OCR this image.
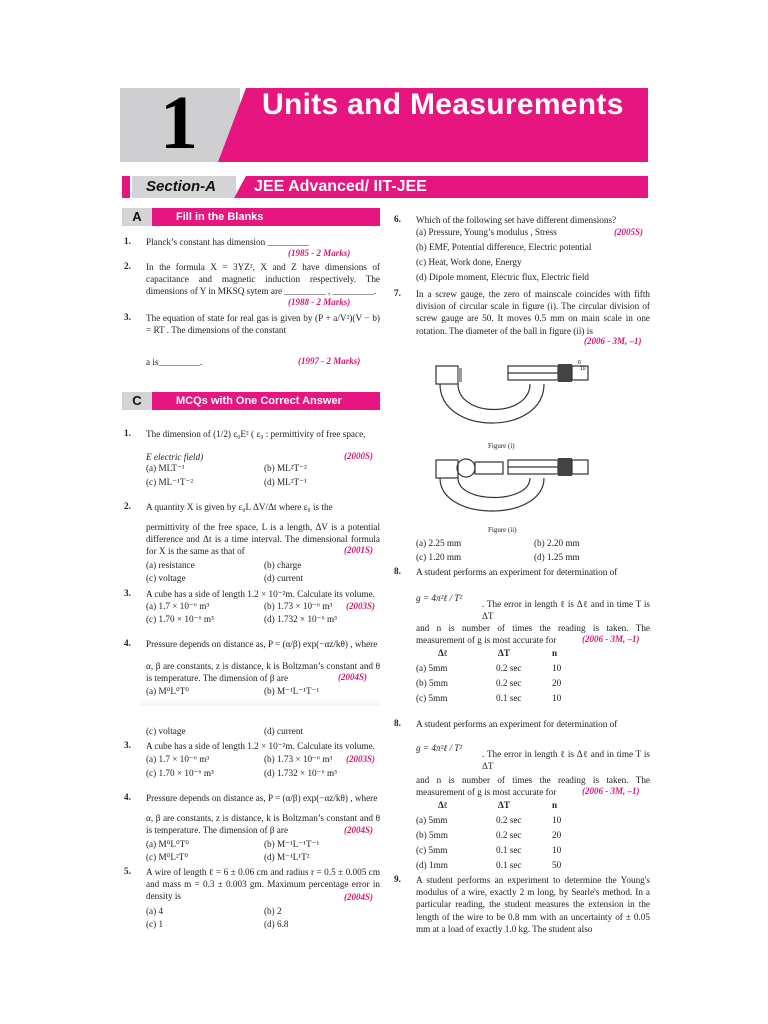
1 Units and Measurements
Section-A JEE Advanced/ IIT-JEE
A	Fill in the Blanks
1. Planck’s constant has dimension _________
(1985 - 2 Marks)
2. In the formula X = 3YZ², X and Z have dimensions of capacitance and magnetic induction respectively. The dimensions of Y in MKSQ sytem are _________ , _________.
(1988 - 2 Marks)
3. The equation of state for real gas is given by (P + a/V²)(V − b) = RT . The dimensions of the constant
a is_________.	(1997 - 2 Marks)
C	MCQs with One Correct Answer
1. The dimension of (1/2) ε₀E² ( ε₀ : permittivity of free space,
E electric field)	(2000S)
(a) MLT⁻¹	(b) ML²T⁻²
(c) ML⁻¹T⁻²	(d) ML²T⁻¹
2. A quantity X is given by ε₀L ΔV/Δt where ε₀ is the
permittivity of the free space, L is a length, ΔV is a potential difference and Δt is a time interval. The dimensional formula for X is the same as that of	(2001S)
(a) resistance	(b) charge
(c) voltage	(d) current
3. A cube has a side of length 1.2 × 10⁻²m. Calculate its volume.
(a) 1.7 × 10⁻⁶ m³	(b) 1.73 × 10⁻⁶ m³ (2003S)
(c) 1.70 × 10⁻⁶ m³	(d) 1.732 × 10⁻⁶ m³
4. Pressure depends on distance as, P = (α/β) exp(−αz/kθ) , where
α, β are constants, z is distance, k is Boltzman’s constant and θ is temperature. The dimension of β are	(2004S)
(a) M⁰L⁰T⁰	(b) M⁻¹L⁻¹T⁻¹
(c) voltage	(d) current
3. A cube has a side of length 1.2 × 10⁻²m. Calculate its volume.
(a) 1.7 × 10⁻⁶ m³	(b) 1.73 × 10⁻⁶ m³ (2003S)
(c) 1.70 × 10⁻⁶ m³	(d) 1.732 × 10⁻⁶ m³
4. Pressure depends on distance as, P = (α/β) exp(−αz/kθ) , where
α, β are constants, z is distance, k is Boltzman’s constant and θ is temperature. The dimension of β are	(2004S)
(a) M⁰L⁰T⁰	(b) M⁻¹L⁻¹T⁻¹
(c) M⁰L²T⁰	(d) M⁻¹L¹T²
5. A wire of length ℓ = 6 ± 0.06 cm and radius r = 0.5 ± 0.005 cm and mass m = 0.3 ± 0.003 gm. Maximum percentage error in density is	(2004S)
(a) 4	(b) 2
(c) 1	(d) 6.8
6. Which of the following set have different dimensions?
(2005S)
(a) Pressure, Young’s modulus , Stress
(b) EMF, Potential difference, Electric potential
(c) Heat, Work done, Energy
(d) Dipole moment, Electric flux, Electric field
7. In a screw gauge, the zero of mainscale coincides with fifth division of circular scale in figure (i). The circular division of screw gauge are 50. It moves 0.5 mm on main scale in one rotation. The diameter of the ball in figure (ii) is
(2006 - 3M, –1)
0
10
Figure (i)
Figure (ii)
(a) 2.25 mm	(b) 2.20 mm
(c) 1.20 mm	(d) 1.25 mm
8. A student performs an experiment for determination of
g = 4π²ℓ / T²
. The error in length ℓ is Δℓ and in time T is ΔT
and n is number of times the reading is taken. The measurement of g is most accurate for	(2006 - 3M, –1)
Δℓ	ΔT	n
(a) 5mm	0.2 sec	10
(b) 5mm	0.2 sec	20
(c) 5mm	0.1 sec	10
8. A student performs an experiment for determination of
g = 4π²ℓ / T²
. The error in length ℓ is Δℓ and in time T is ΔT
and n is number of times the reading is taken. The measurement of g is most accurate for	(2006 - 3M, –1)
Δℓ	ΔT	n
(a) 5mm	0.2 sec	10
(b) 5mm	0.2 sec	20
(c) 5mm	0.1 sec	10
(d) 1mm	0.1 sec	50
9. A student performs an experiment to determine the Young's modulus of a wire, exactly 2 m long, by Searle's method. In a particular reading, the student measures the extension in the length of the wire to be 0.8 mm with an uncertainty of ± 0.05 mm at a load of exactly 1.0 kg. The student also
